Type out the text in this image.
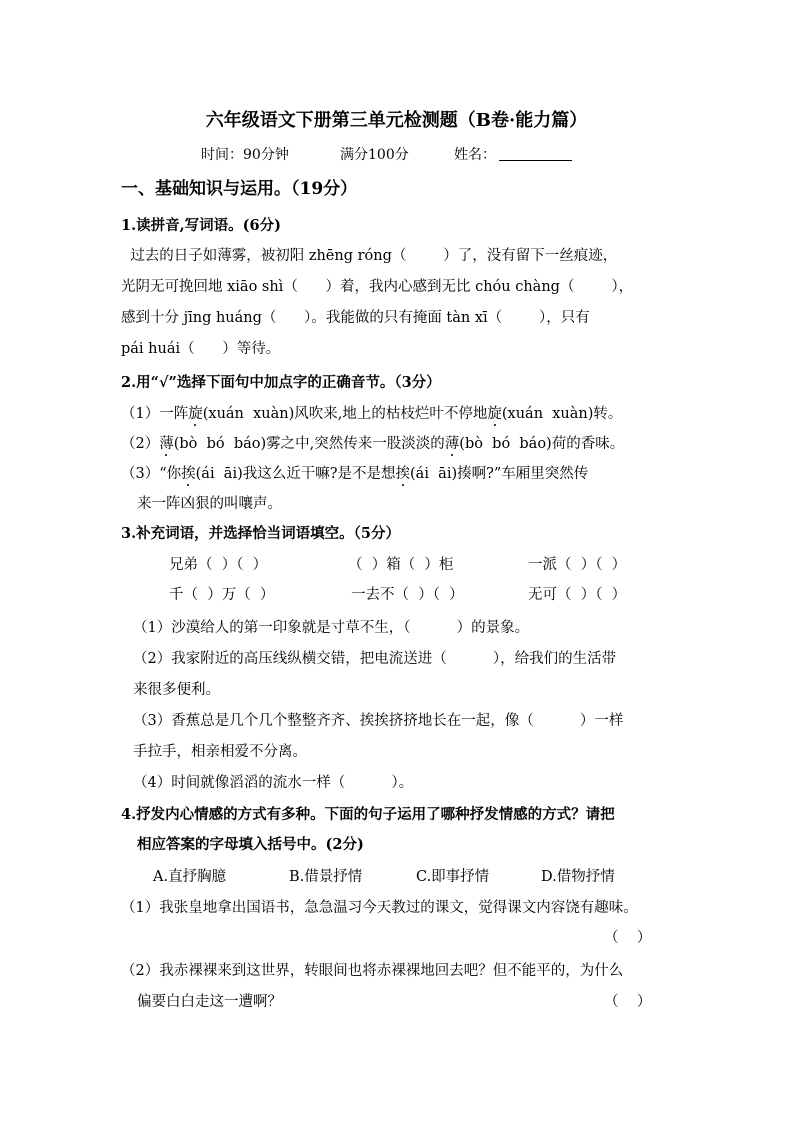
六年级语文下册第三单元检测题（B卷·能力篇）
时间：90分钟	满分100分	姓名：
一、基础知识与运用。（19分）
1.读拼音,写词语。(6分)
过去的日子如薄雾，被初阳 zhēng róng（        ）了，没有留下一丝痕迹，
光阴无可挽回地 xiāo shì（      ）着，我内心感到无比 chóu chàng（        ），
感到十分 jīng huáng（      ）。我能做的只有掩面 tàn xī（        ），只有
pái huái（      ）等待。
2.用“√”选择下面句中加点字的正确音节。（3分）
（1）一阵旋(xuán  xuàn)风吹来,地上的枯枝烂叶不停地旋(xuán  xuàn)转。
（2）薄(bò  bó  báo)雾之中,突然传来一股淡淡的薄(bò  bó  báo)荷的香味。
（3）“你挨(ái  āi)我这么近干嘛?是不是想挨(ái  āi)揍啊?”车厢里突然传
来一阵凶狠的叫嚷声。
3.补充词语，并选择恰当词语填空。（5分）
兄弟（  ）（  ）	（  ）箱（  ）柜	一派（  ）（  ）
千（  ）万（  ）	一去不（  ）（  ）	无可（  ）（  ）
（1）沙漠给人的第一印象就是寸草不生，（          ）的景象。
（2）我家附近的高压线纵横交错，把电流送进（          ），给我们的生活带
来很多便利。
（3）香蕉总是几个几个整整齐齐、挨挨挤挤地长在一起，像（          ）一样
手拉手，相亲相爱不分离。
（4）时间就像滔滔的流水一样（          ）。
4.抒发内心情感的方式有多种。下面的句子运用了哪种抒发情感的方式？请把
相应答案的字母填入括号中。(2分)
A.直抒胸臆	B.借景抒情	C.即事抒情	D.借物抒情
（1）我张皇地拿出国语书，急急温习今天教过的课文，觉得课文内容饶有趣味。
（    ）
（2）我赤裸裸来到这世界，转眼间也将赤裸裸地回去吧？但不能平的，为什么
偏要白白走这一遭啊？	（    ）
